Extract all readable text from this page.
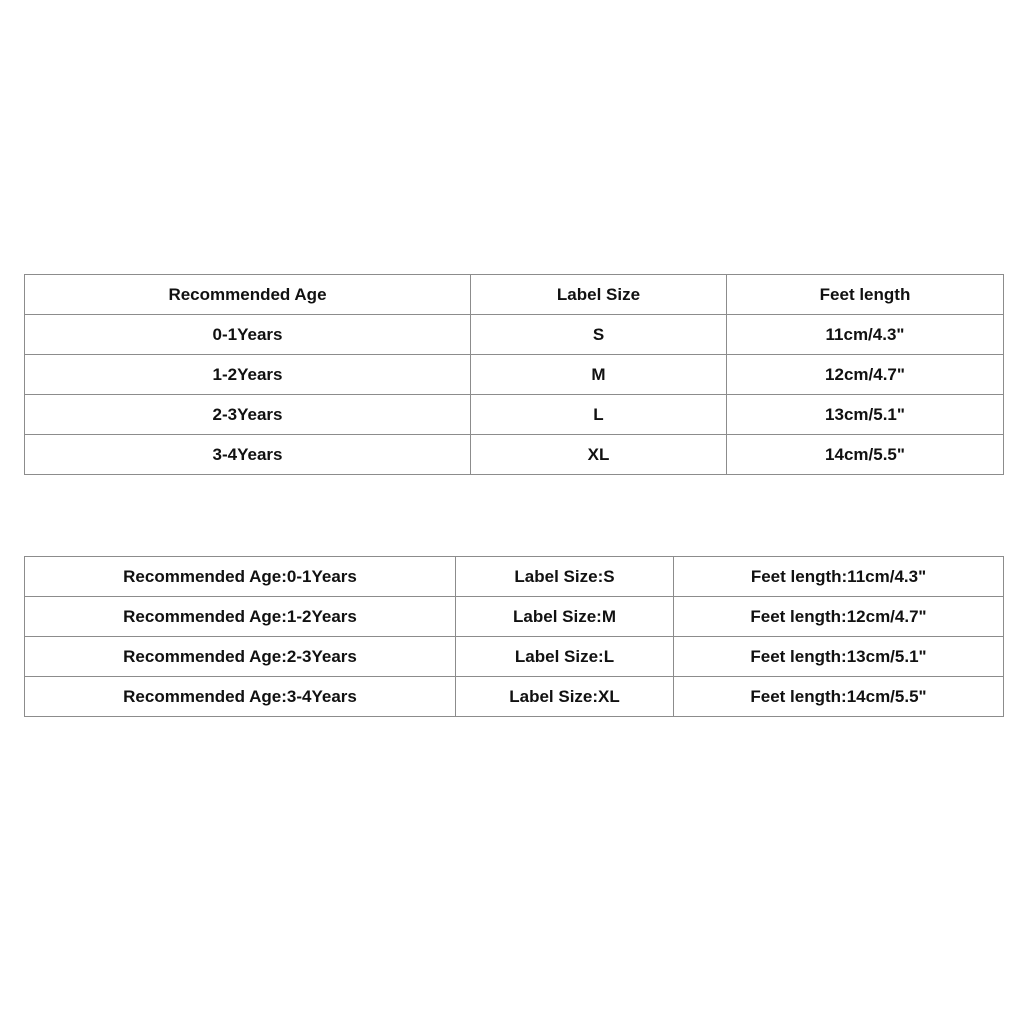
Recommended Age	Label Size	Feet length
0-1Years	S	11cm/4.3"
1-2Years	M	12cm/4.7"
2-3Years	L	13cm/5.1"
3-4Years	XL	14cm/5.5"
Recommended Age:0-1Years	Label Size:S	Feet length:11cm/4.3"
Recommended Age:1-2Years	Label Size:M	Feet length:12cm/4.7"
Recommended Age:2-3Years	Label Size:L	Feet length:13cm/5.1"
Recommended Age:3-4Years	Label Size:XL	Feet length:14cm/5.5"
